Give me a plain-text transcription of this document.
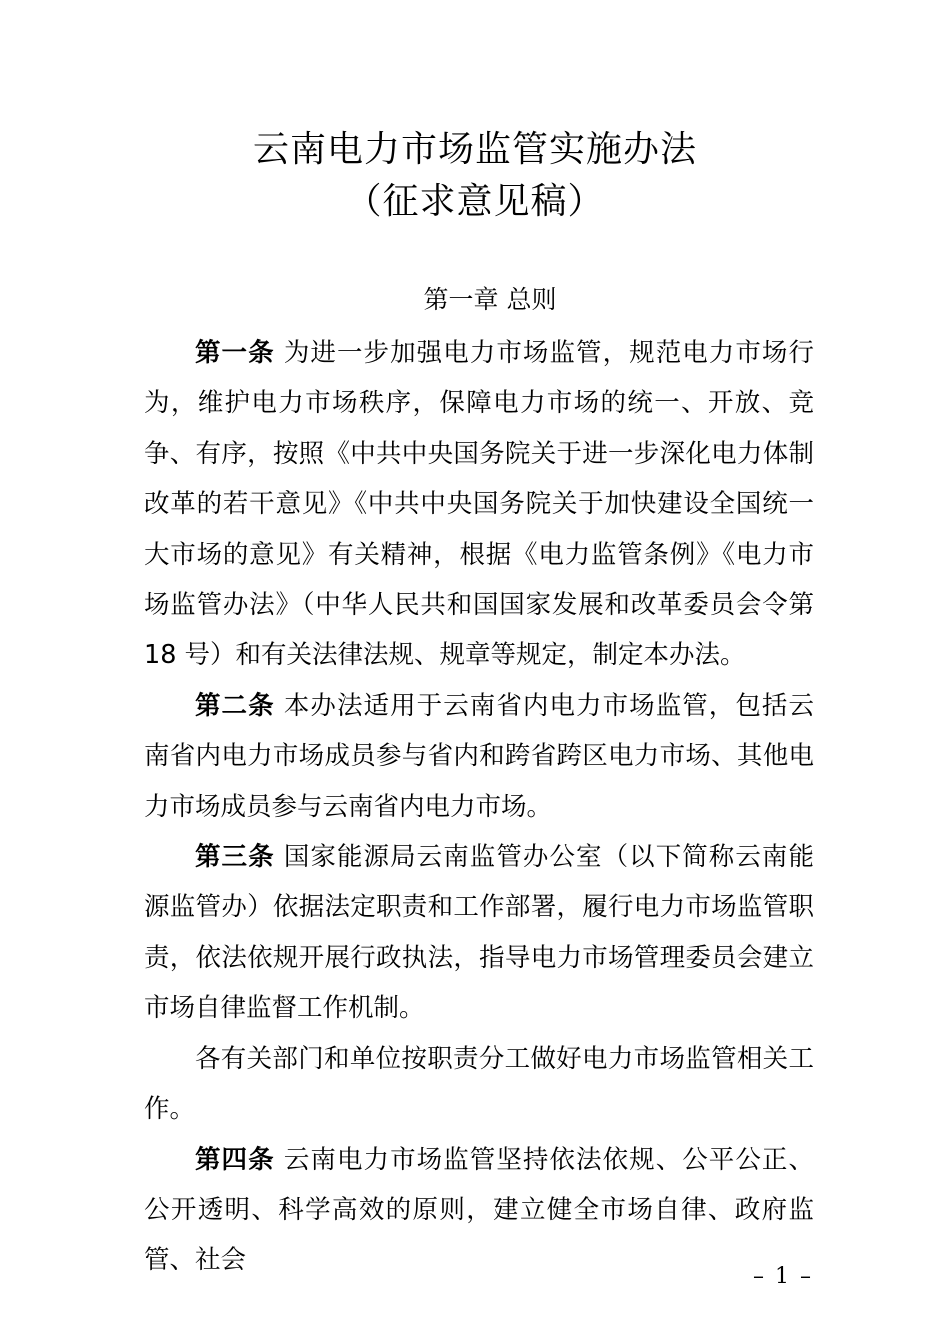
云南电力市场监管实施办法
（征求意见稿）
第一章 总则

第一条 为进一步加强电力市场监管，规范电力市场行为，维护电力市场秩序，保障电力市场的统一、开放、竞争、有序，按照《中共中央国务院关于进一步深化电力体制改革的若干意见》《中共中央国务院关于加快建设全国统一大市场的意见》有关精神，根据《电力监管条例》《电力市场监管办法》（中华人民共和国国家发展和改革委员会令第 18 号）和有关法律法规、规章等规定，制定本办法。

第二条 本办法适用于云南省内电力市场监管，包括云南省内电力市场成员参与省内和跨省跨区电力市场、其他电力市场成员参与云南省内电力市场。

第三条 国家能源局云南监管办公室（以下简称云南能源监管办）依据法定职责和工作部署，履行电力市场监管职责，依法依规开展行政执法，指导电力市场管理委员会建立市场自律监督工作机制。

各有关部门和单位按职责分工做好电力市场监管相关工作。

第四条 云南电力市场监管坚持依法依规、公平公正、公开透明、科学高效的原则，建立健全市场自律、政府监管、社会

– 1 –
